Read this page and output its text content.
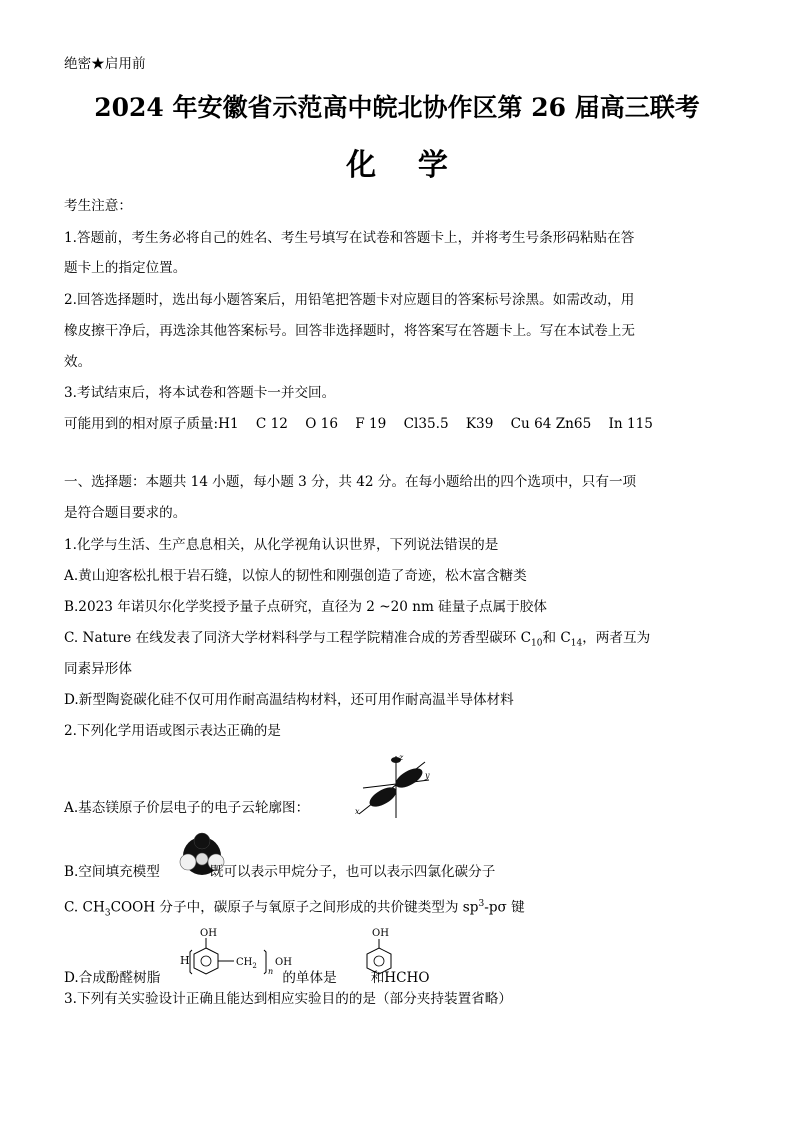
绝密★启用前
2024 年安徽省示范高中皖北协作区第 26 届高三联考
化    学
考生注意：
1.答题前，考生务必将自己的姓名、考生号填写在试卷和答题卡上，并将考生号条形码粘贴在答
题卡上的指定位置。
2.回答选择题时，选出每小题答案后，用铅笔把答题卡对应题目的答案标号涂黑。如需改动，用
橡皮擦干净后，再选涂其他答案标号。回答非选择题时，将答案写在答题卡上。写在本试卷上无
效。
3.考试结束后，将本试卷和答题卡一并交回。
可能用到的相对原子质量:H1    C 12    O 16    F 19    Cl35.5    K39    Cu 64 Zn65    In 115
一、选择题：本题共 14 小题，每小题 3 分，共 42 分。在每小题给出的四个选项中，只有一项
是符合题目要求的。
1.化学与生活、生产息息相关，从化学视角认识世界，下列说法错误的是
A.黄山迎客松扎根于岩石缝，以惊人的韧性和刚强创造了奇迹，松木富含糖类
B.2023 年诺贝尔化学奖授予量子点研究，直径为 2 ~20 nm 硅量子点属于胶体
C. Nature 在线发表了同济大学材料科学与工程学院精准合成的芳香型碳环 $C_{10}$和 $C_{14}$，两者互为
同素异形体
D.新型陶瓷碳化硅不仅可用作耐高温结构材料，还可用作耐高温半导体材料
2.下列化学用语或图示表达正确的是
z
y
x
A.基态镁原子价层电子的电子云轮廓图：
B.空间填充模型	既可以表示甲烷分子，也可以表示四氯化碳分子
C. $CH_3COOH$ 分子中，碳原子与氧原子之间形成的共价键类型为 $sp^3-p\sigma$ 键
H
OH
$CH_2$
n
OH
OH
D.合成酚醛树脂	的单体是	和HCHO
3.下列有关实验设计正确且能达到相应实验目的的是（部分夹持装置省略）
